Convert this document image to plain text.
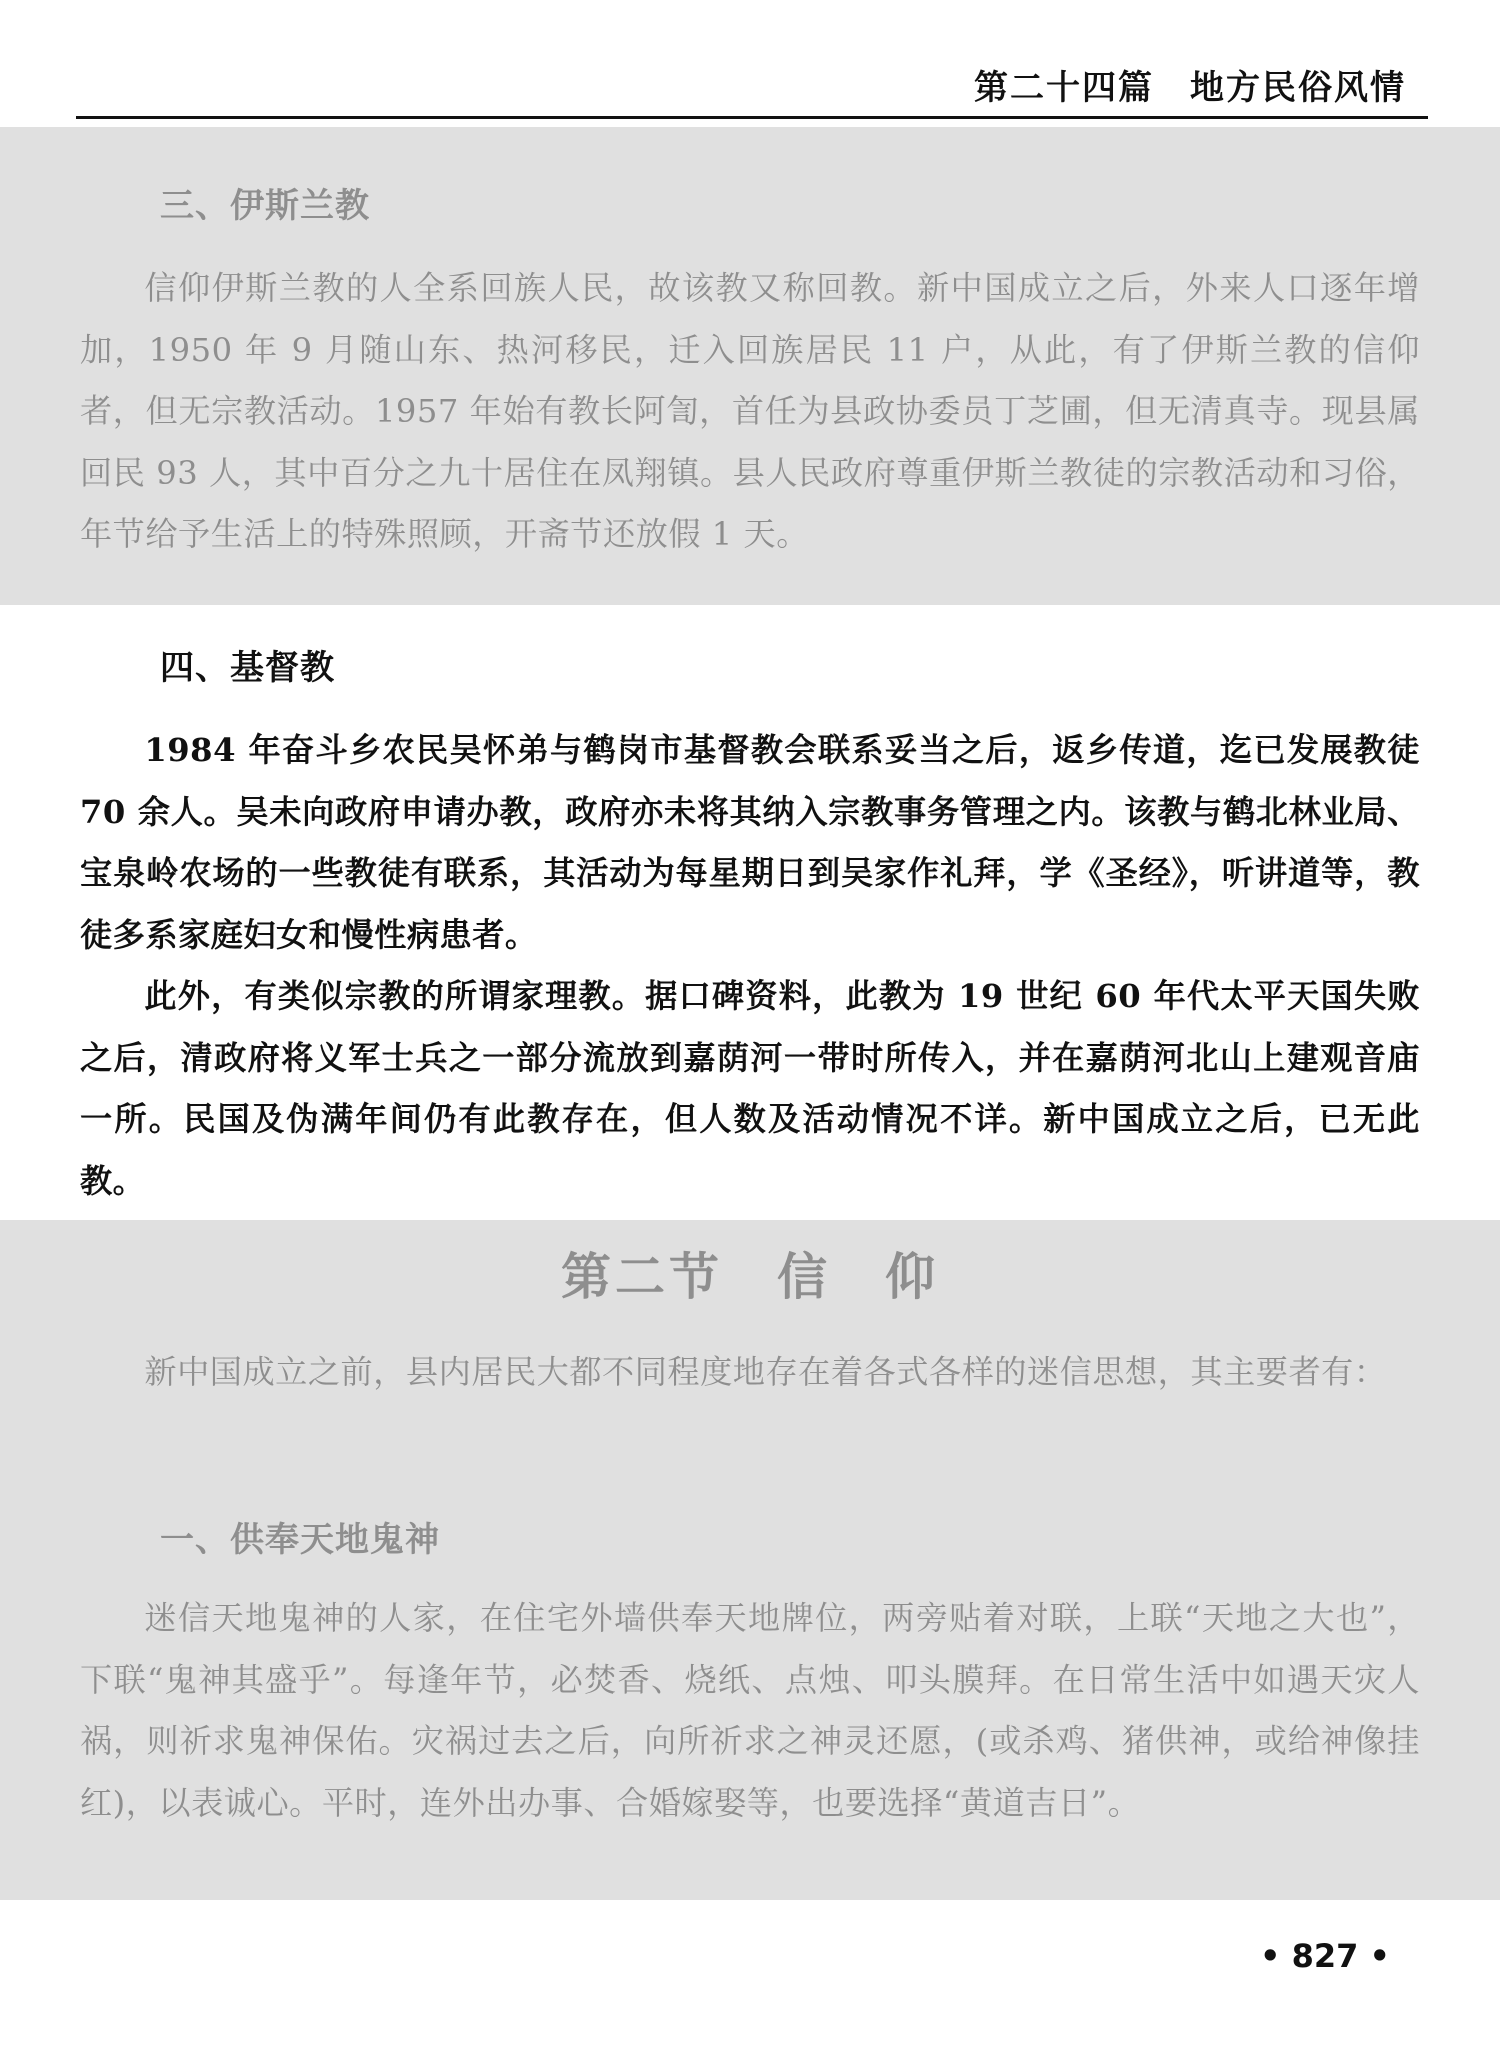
第二十四篇　地方民俗风情
三、伊斯兰教

信仰伊斯兰教的人全系回族人民，故该教又称回教。新中国成立之后，外来人口逐年增加，1950 年 9 月随山东、热河移民，迁入回族居民 11 户，从此，有了伊斯兰教的信仰者，但无宗教活动。1957 年始有教长阿訇，首任为县政协委员丁芝圃，但无清真寺。现县属回民 93 人，其中百分之九十居住在凤翔镇。县人民政府尊重伊斯兰教徒的宗教活动和习俗，年节给予生活上的特殊照顾，开斋节还放假 1 天。

四、基督教

1984 年奋斗乡农民吴怀弟与鹤岗市基督教会联系妥当之后，返乡传道，迄已发展教徒 70 余人。吴未向政府申请办教，政府亦未将其纳入宗教事务管理之内。该教与鹤北林业局、宝泉岭农场的一些教徒有联系，其活动为每星期日到吴家作礼拜，学《圣经》，听讲道等，教徒多系家庭妇女和慢性病患者。

此外，有类似宗教的所谓家理教。据口碑资料，此教为 19 世纪 60 年代太平天国失败之后，清政府将义军士兵之一部分流放到嘉荫河一带时所传入，并在嘉荫河北山上建观音庙一所。民国及伪满年间仍有此教存在，但人数及活动情况不详。新中国成立之后，已无此教。

第二节　信　仰

新中国成立之前，县内居民大都不同程度地存在着各式各样的迷信思想，其主要者有：

一、供奉天地鬼神

迷信天地鬼神的人家，在住宅外墙供奉天地牌位，两旁贴着对联，上联“天地之大也”，下联“鬼神其盛乎”。每逢年节，必焚香、烧纸、点烛、叩头膜拜。在日常生活中如遇天灾人祸，则祈求鬼神保佑。灾祸过去之后，向所祈求之神灵还愿，(或杀鸡、猪供神，或给神像挂红)，以表诚心。平时，连外出办事、合婚嫁娶等，也要选择“黄道吉日”。

• 827 •
